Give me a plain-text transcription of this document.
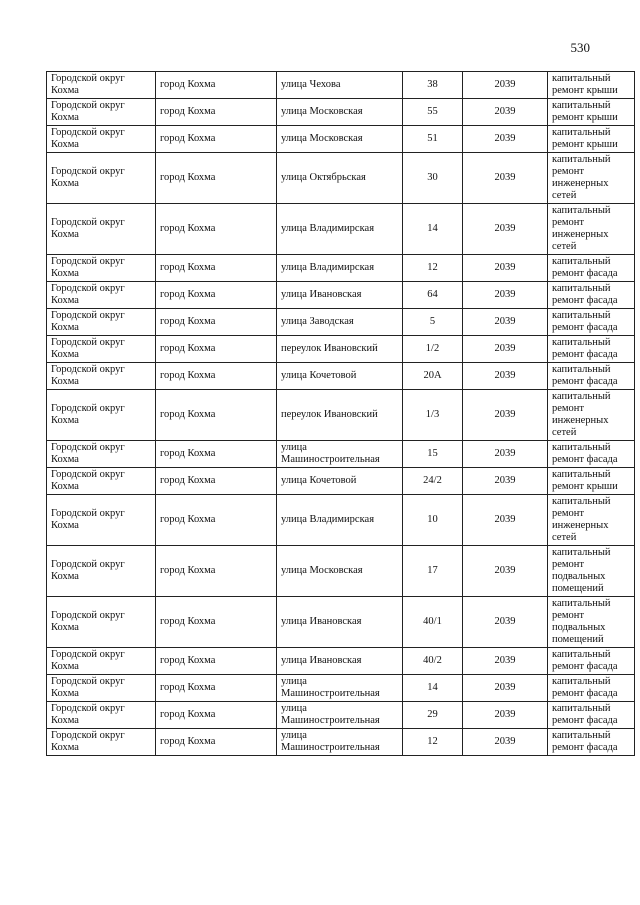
530
Городской округ Кохма	город Кохма	улица Чехова	38	2039	капитальный ремонт крыши
Городской округ Кохма	город Кохма	улица Московская	55	2039	капитальный ремонт крыши
Городской округ Кохма	город Кохма	улица Московская	51	2039	капитальный ремонт крыши
Городской округ Кохма	город Кохма	улица Октябрьская	30	2039	капитальный ремонт инженерных сетей
Городской округ Кохма	город Кохма	улица Владимирская	14	2039	капитальный ремонт инженерных сетей
Городской округ Кохма	город Кохма	улица Владимирская	12	2039	капитальный ремонт фасада
Городской округ Кохма	город Кохма	улица Ивановская	64	2039	капитальный ремонт фасада
Городской округ Кохма	город Кохма	улица Заводская	5	2039	капитальный ремонт фасада
Городской округ Кохма	город Кохма	переулок Ивановский	1/2	2039	капитальный ремонт фасада
Городской округ Кохма	город Кохма	улица Кочетовой	20А	2039	капитальный ремонт фасада
Городской округ Кохма	город Кохма	переулок Ивановский	1/3	2039	капитальный ремонт инженерных сетей
Городской округ Кохма	город Кохма	улица Машиностроительная	15	2039	капитальный ремонт фасада
Городской округ Кохма	город Кохма	улица Кочетовой	24/2	2039	капитальный ремонт крыши
Городской округ Кохма	город Кохма	улица Владимирская	10	2039	капитальный ремонт инженерных сетей
Городской округ Кохма	город Кохма	улица Московская	17	2039	капитальный ремонт подвальных помещений
Городской округ Кохма	город Кохма	улица Ивановская	40/1	2039	капитальный ремонт подвальных помещений
Городской округ Кохма	город Кохма	улица Ивановская	40/2	2039	капитальный ремонт фасада
Городской округ Кохма	город Кохма	улица Машиностроительная	14	2039	капитальный ремонт фасада
Городской округ Кохма	город Кохма	улица Машиностроительная	29	2039	капитальный ремонт фасада
Городской округ Кохма	город Кохма	улица Машиностроительная	12	2039	капитальный ремонт фасада
